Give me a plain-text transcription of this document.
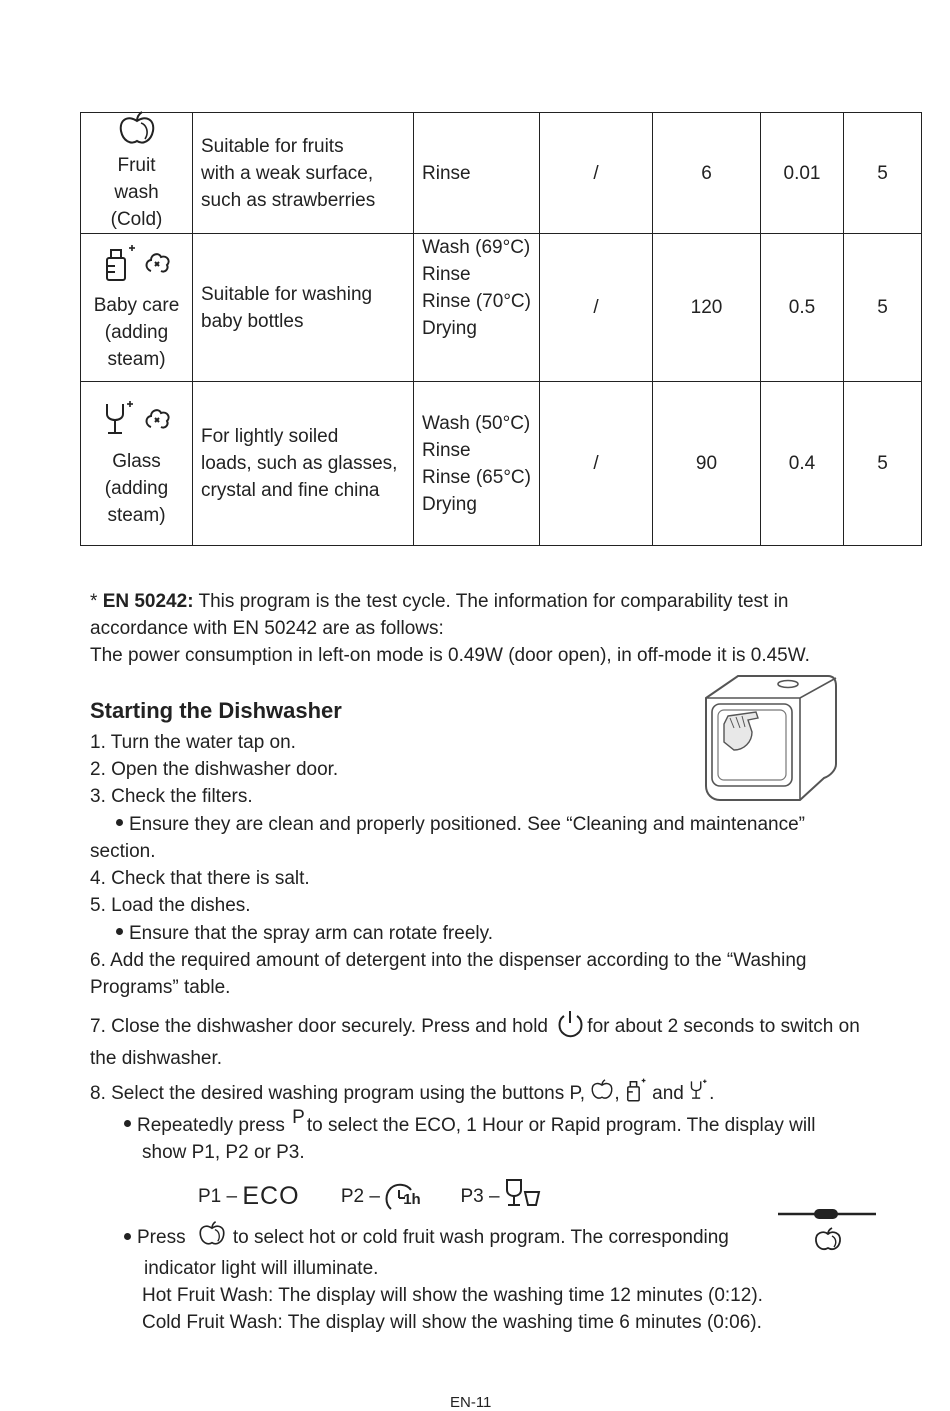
Fruit
wash
(Cold)	Suitable for fruits
with a weak surface,
such as strawberries	Rinse	/	6	0.01	5

Baby care
(adding
steam)	Suitable for washing
baby bottles	Wash (69°C)
Rinse
Rinse (70°C)
Drying	/	120	0.5	5

Glass
(adding
steam)	For lightly soiled
loads, such as glasses,
crystal and fine china	Wash (50°C)
Rinse
Rinse (65°C)
Drying	/	90	0.4	5
* EN 50242: This program is the test cycle. The information for comparability test in
accordance with EN 50242 are as follows:
The power consumption in left-on mode is 0.49W (door open), in off-mode it is 0.45W.
Starting the Dishwasher
1. Turn the water tap on.
2. Open the dishwasher door.
3. Check the filters.
Ensure they are clean and properly positioned. See “Cleaning and maintenance”
section.
4. Check that there is salt.
5. Load the dishes.
Ensure that the spray arm can rotate freely.
6. Add the required amount of detergent into the dispenser according to the “Washing
Programs” table.
7. Close the dishwasher door securely. Press and hold for about 2 seconds to switch on
the dishwasher.
8. Select the desired washing program using the buttons P, , and .
Repeatedly press P to select the ECO, 1 Hour or Rapid program. The display will
show P1, P2 or P3.
P1 – ECO P2 – 1h P3 –
Press to select hot or cold fruit wash program. The corresponding
indicator light will illuminate.
Hot Fruit Wash: The display will show the washing time 12 minutes (0:12).
Cold Fruit Wash: The display will show the washing time 6 minutes (0:06).
EN-11
